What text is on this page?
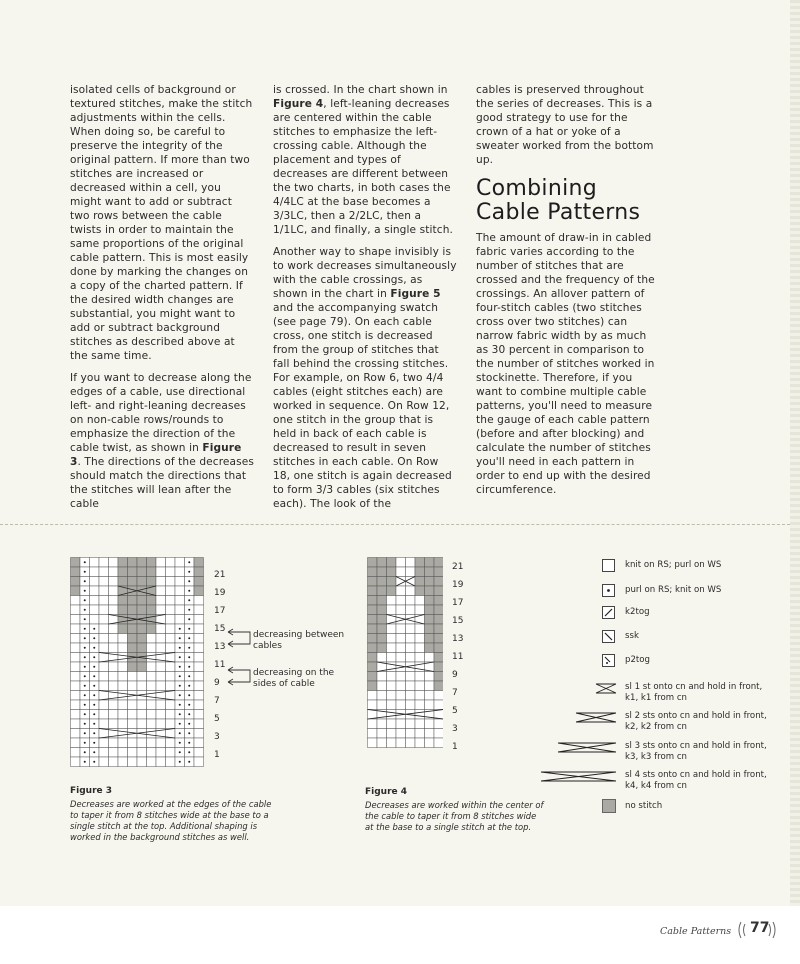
isolated cells of background or textured stitches, make the stitch adjustments within the cells. When doing so, be careful to preserve the integrity of the original pattern. If more than two stitches are increased or decreased within a cell, you might want to add or subtract two rows between the cable twists in order to maintain the same proportions of the original cable pattern. This is most easily done by marking the changes on a copy of the charted pattern. If the desired width changes are substantial, you might want to add or subtract background stitches as described above at the same time.

If you want to decrease along the edges of a cable, use directional left- and right-leaning decreases on non-cable rows/rounds to emphasize the direction of the cable twist, as shown in Figure 3. The directions of the decreases should match the directions that the stitches will lean after the cable

is crossed. In the chart shown in Figure 4, left-leaning decreases are centered within the cable stitches to emphasize the left-crossing cable. Although the placement and types of decreases are different between the two charts, in both cases the 4/4LC at the base becomes a 3/3LC, then a 2/2LC, then a 1/1LC, and finally, a single stitch.

Another way to shape invisibly is to work decreases simultaneously with the cable crossings, as shown in the chart in Figure 5 and the accompanying swatch (see page 79). On each cable cross, one stitch is decreased from the group of stitches that fall behind the crossing stitches. For example, on Row 6, two 4/4 cables (eight stitches each) are worked in sequence. On Row 12, one stitch in the group that is held in back of each cable is decreased to result in seven stitches in each cable. On Row 18, one stitch is again decreased to form 3/3 cables (six stitches each). The look of the

cables is preserved throughout the series of decreases. This is a good strategy to use for the crown of a hat or yoke of a sweater worked from the bottom up.

Combining Cable Patterns

The amount of draw-in in cabled fabric varies according to the number of stitches that are crossed and the frequency of the crossings. An allover pattern of four-stitch cables (two stitches cross over two stitches) can narrow fabric width by as much as 30 percent in comparison to the number of stitches worked in stockinette. Therefore, if you want to combine multiple cable patterns, you'll need to measure the gauge of each cable pattern (before and after blocking) and calculate the number of stitches you'll need in each pattern in order to end up with the desired circumference.

21
19
17
15
13
11
9
7
5
3
1
decreasing between cables
decreasing on the sides of cable
Figure 3
Decreases are worked at the edges of the cable to taper it from 8 stitches wide at the base to a single stitch at the top. Additional shaping is worked in the background stitches as well.
21
19
17
15
13
11
9
7
5
3
1
Figure 4
Decreases are worked within the center of the cable to taper it from 8 stitches wide at the base to a single stitch at the top.
knit on RS; purl on WS
purl on RS; knit on WS
k2tog
ssk
p2tog
sl 1 st onto cn and hold in front, k1, k1 from cn
sl 2 sts onto cn and hold in front, k2, k2 from cn
sl 3 sts onto cn and hold in front, k3, k3 from cn
sl 4 sts onto cn and hold in front, k4, k4 from cn
no stitch
Cable Patterns 77
